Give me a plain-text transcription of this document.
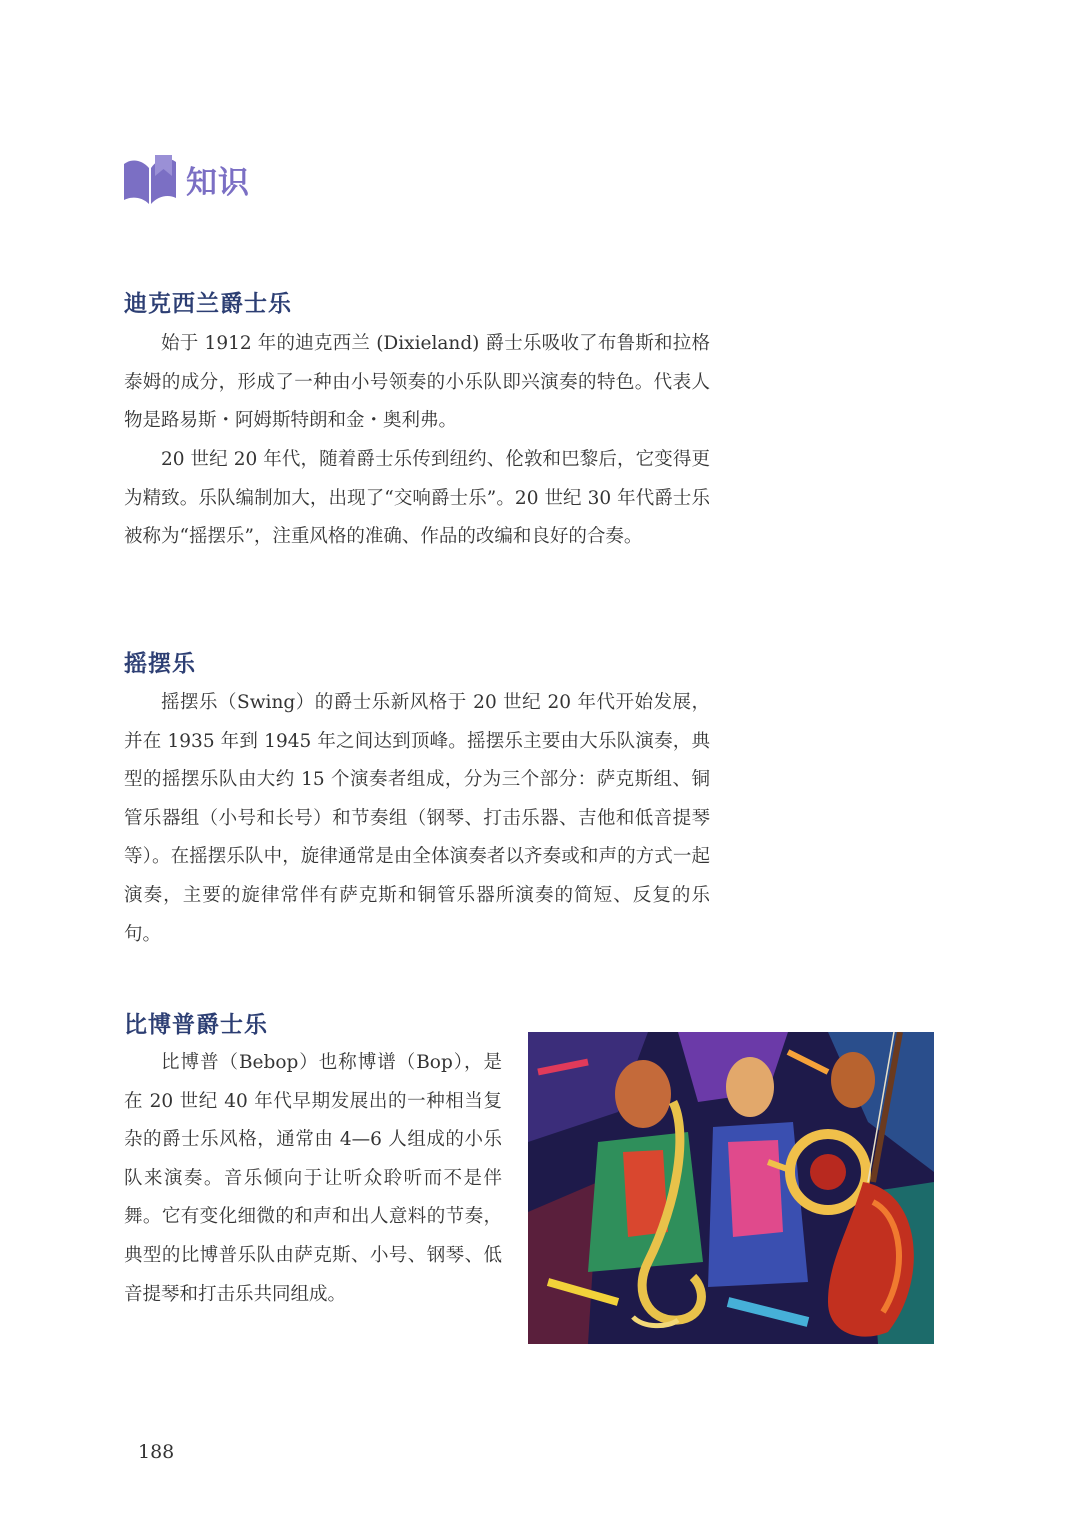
知识
迪克西兰爵士乐

始于 1912 年的迪克西兰 (Dixieland) 爵士乐吸收了布鲁斯和拉格泰姆的成分，形成了一种由小号领奏的小乐队即兴演奏的特色。代表人物是路易斯・阿姆斯特朗和金・奥利弗。

20 世纪 20 年代，随着爵士乐传到纽约、伦敦和巴黎后，它变得更为精致。乐队编制加大，出现了“交响爵士乐”。20 世纪 30 年代爵士乐被称为“摇摆乐”，注重风格的准确、作品的改编和良好的合奏。

摇摆乐

摇摆乐（Swing）的爵士乐新风格于 20 世纪 20 年代开始发展，并在 1935 年到 1945 年之间达到顶峰。摇摆乐主要由大乐队演奏，典型的摇摆乐队由大约 15 个演奏者组成，分为三个部分：萨克斯组、铜管乐器组（小号和长号）和节奏组（钢琴、打击乐器、吉他和低音提琴等）。在摇摆乐队中，旋律通常是由全体演奏者以齐奏或和声的方式一起演奏，主要的旋律常伴有萨克斯和铜管乐器所演奏的简短、反复的乐句。

比博普爵士乐

比博普（Bebop）也称博谱（Bop），是在 20 世纪 40 年代早期发展出的一种相当复杂的爵士乐风格，通常由 4—6 人组成的小乐队来演奏。音乐倾向于让听众聆听而不是伴舞。它有变化细微的和声和出人意料的节奏，典型的比博普乐队由萨克斯、小号、钢琴、低音提琴和打击乐共同组成。

188
